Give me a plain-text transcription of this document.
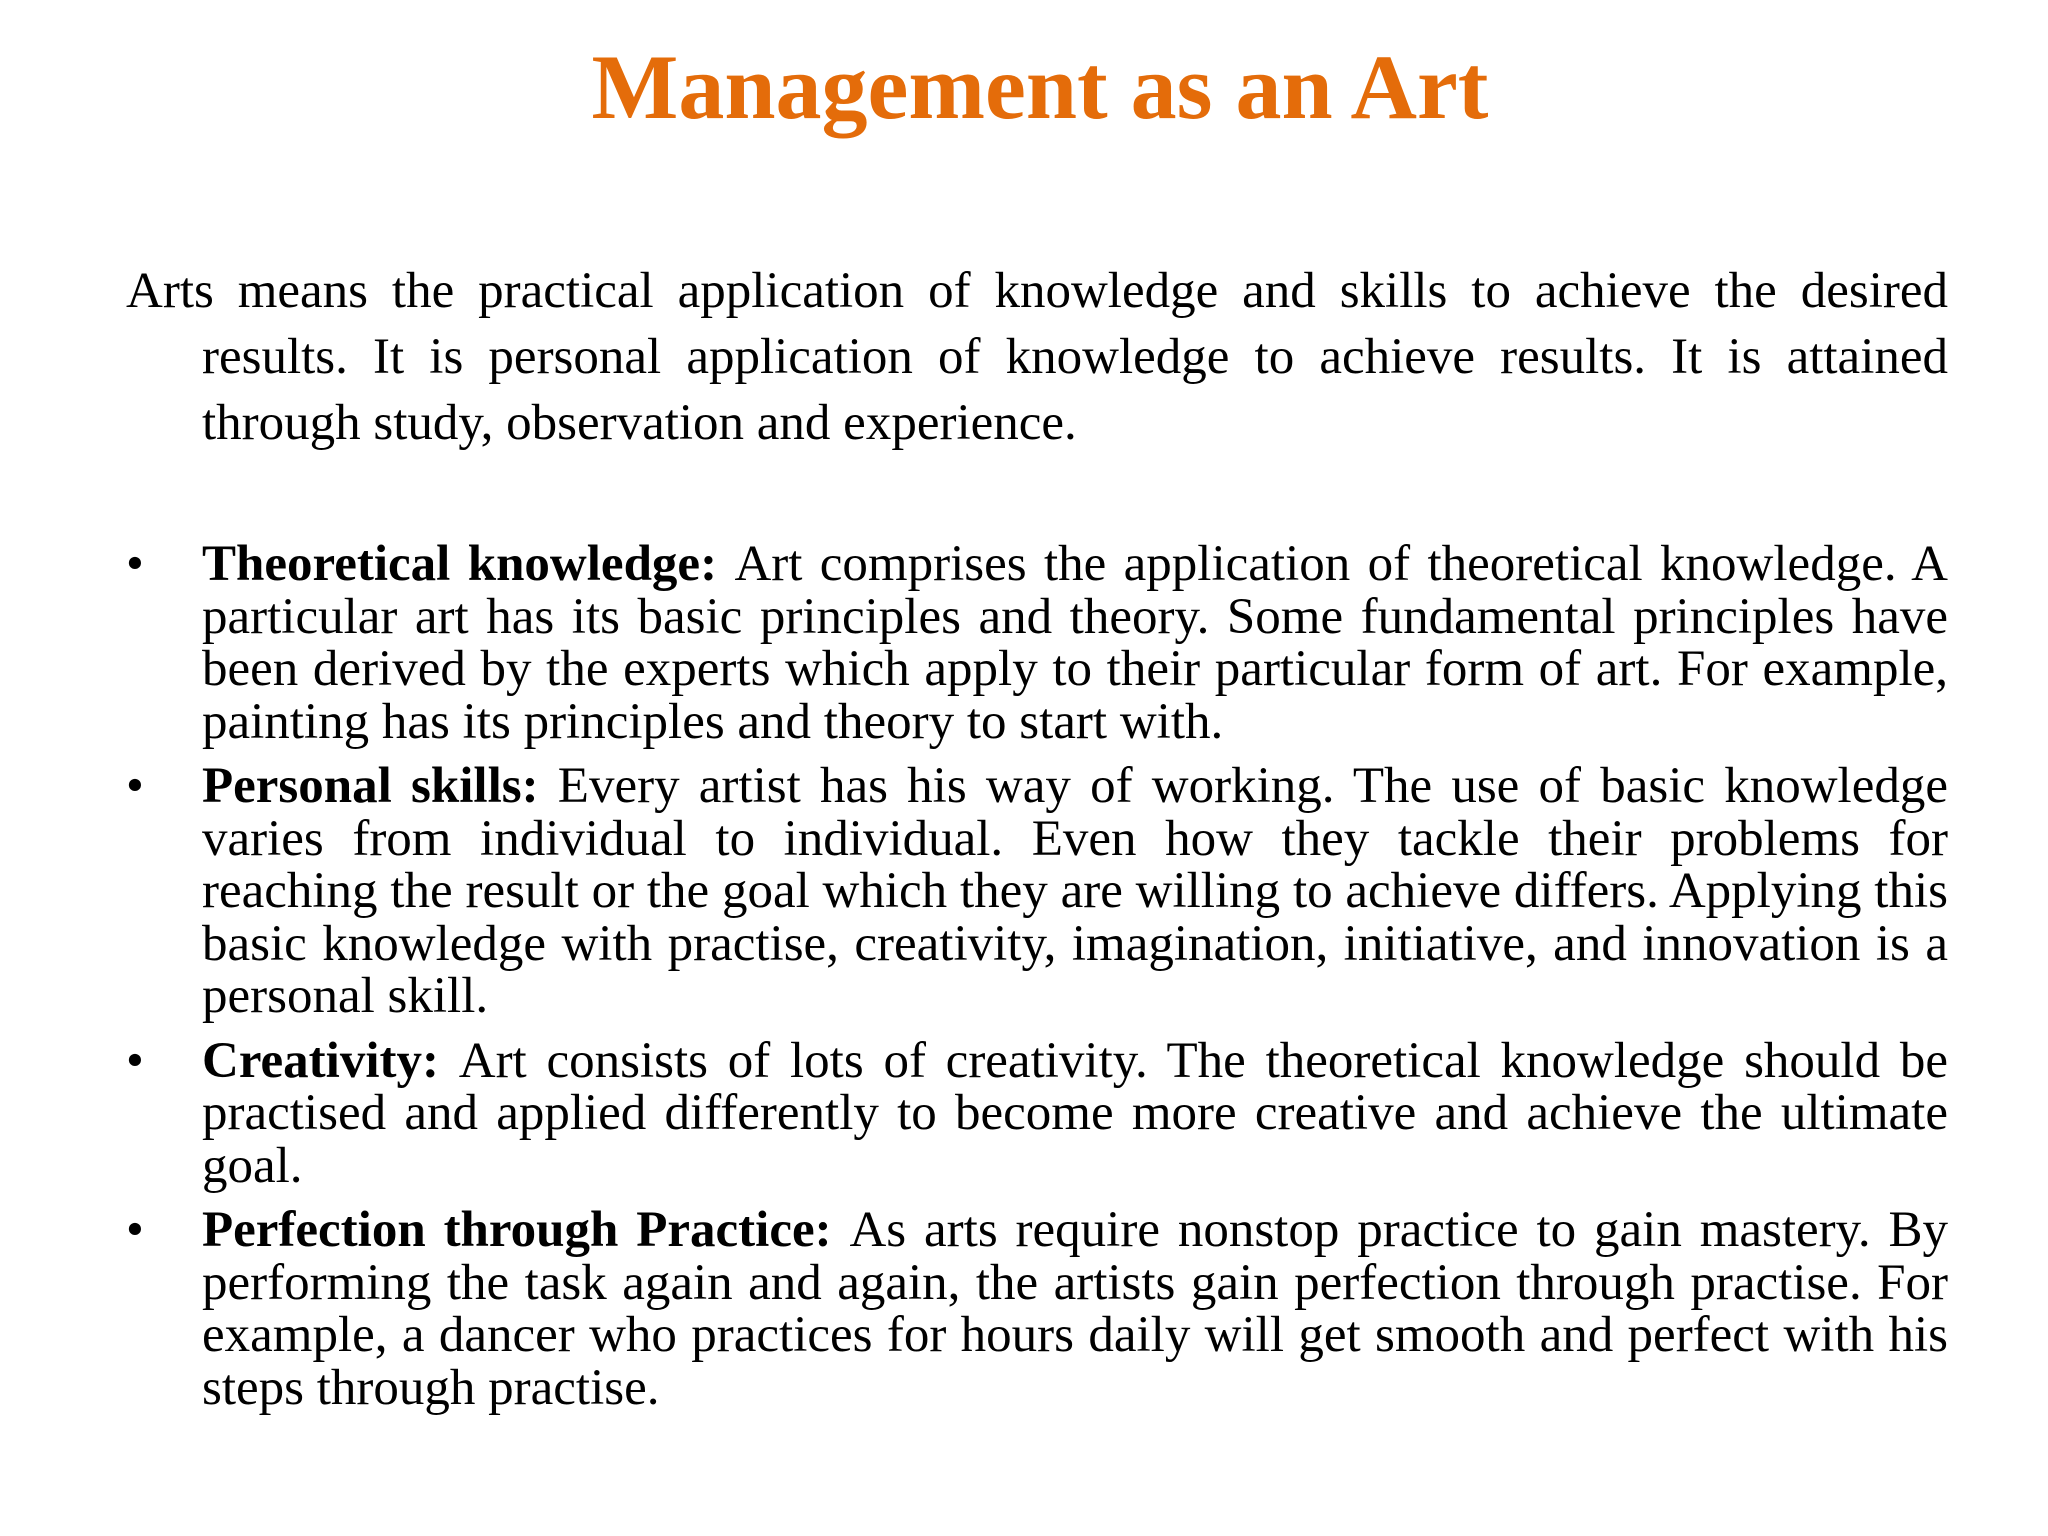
Management as an Art

Arts means the practical application of knowledge and skills to achieve the desired results. It is personal application of knowledge to achieve results. It is attained through study, observation and experience.

•	Theoretical knowledge: Art comprises the application of theoretical knowledge. A particular art has its basic principles and theory. Some fundamental principles have been derived by the experts which apply to their particular form of art. For example, painting has its principles and theory to start with.
•	Personal skills: Every artist has his way of working. The use of basic knowledge varies from individual to individual. Even how they tackle their problems for reaching the result or the goal which they are willing to achieve differs. Applying this basic knowledge with practise, creativity, imagination, initiative, and innovation is a personal skill.
•	Creativity: Art consists of lots of creativity. The theoretical knowledge should be practised and applied differently to become more creative and achieve the ultimate goal.
•	Perfection through Practice: As arts require nonstop practice to gain mastery. By performing the task again and again, the artists gain perfection through practise. For example, a dancer who practices for hours daily will get smooth and perfect with his steps through practise.
